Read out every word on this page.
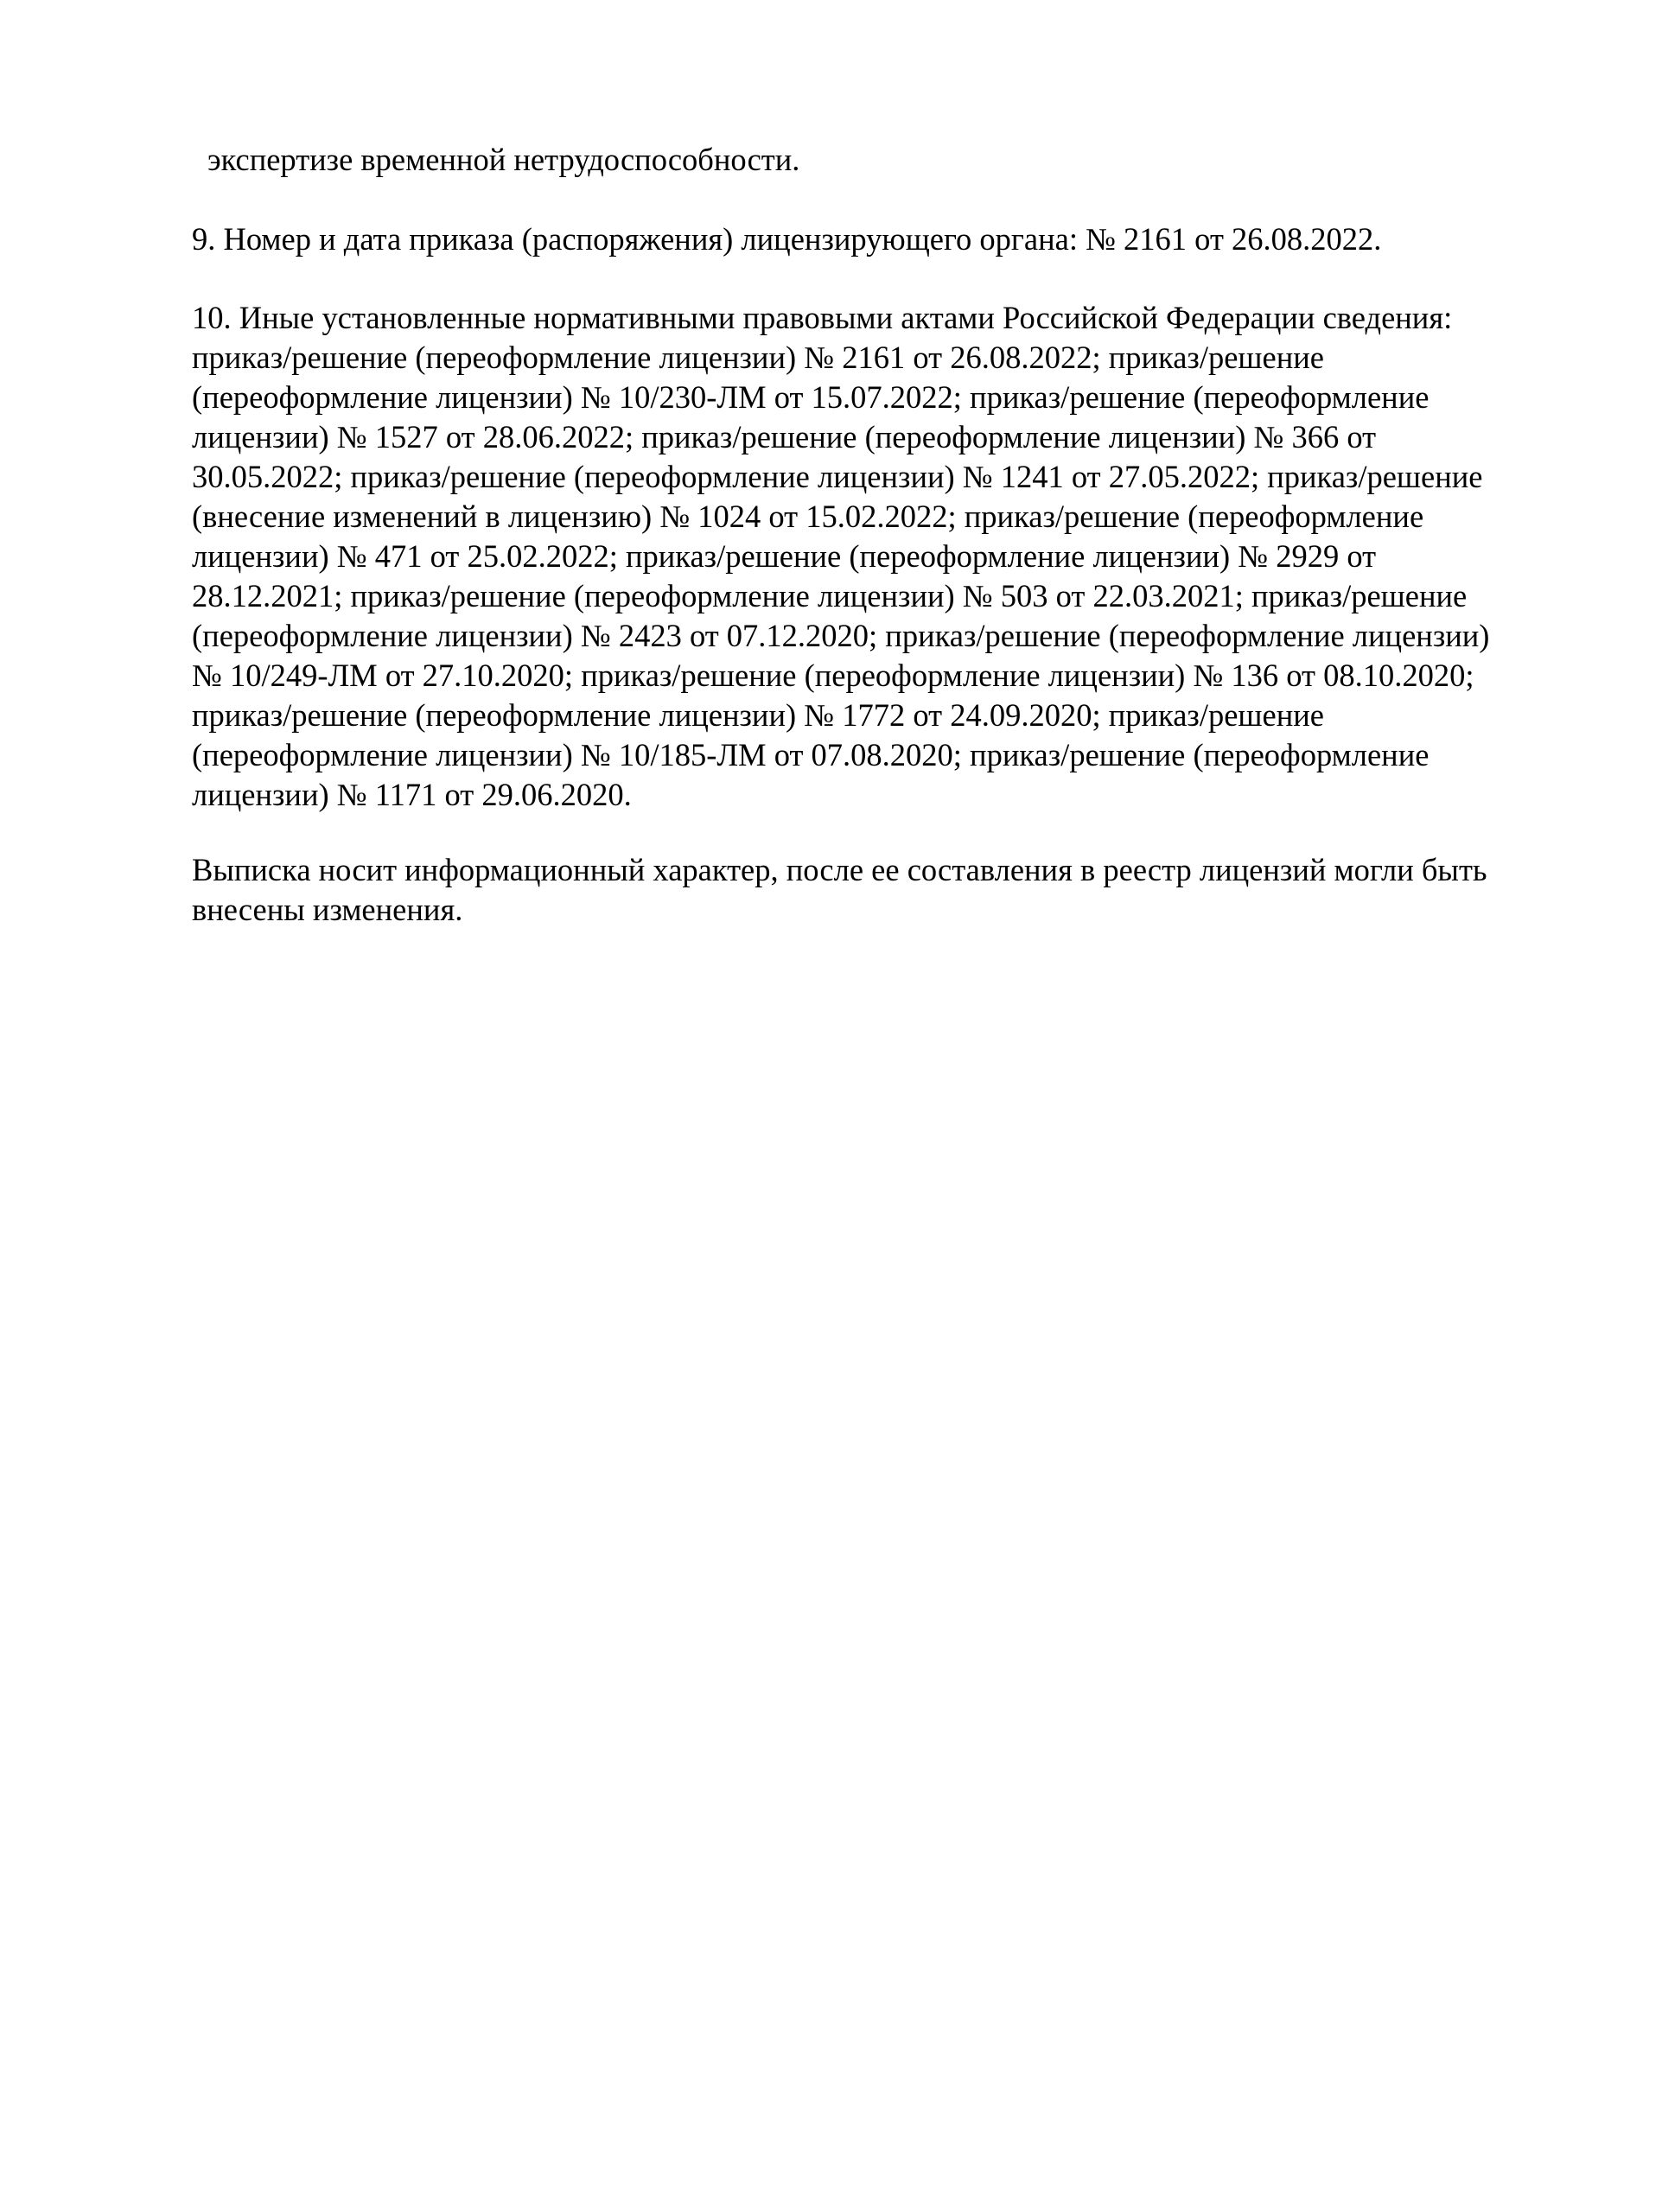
экспертизе временной нетрудоспособности.
9. Номер и дата приказа (распоряжения) лицензирующего органа: № 2161 от 26.08.2022.
10. Иные установленные нормативными правовыми актами Российской Федерации сведения:
приказ/решение (переоформление лицензии) № 2161 от 26.08.2022; приказ/решение
(переоформление лицензии) № 10/230-ЛМ от 15.07.2022; приказ/решение (переоформление
лицензии) № 1527 от 28.06.2022; приказ/решение (переоформление лицензии) № 366 от
30.05.2022; приказ/решение (переоформление лицензии) № 1241 от 27.05.2022; приказ/решение
(внесение изменений в лицензию) № 1024 от 15.02.2022; приказ/решение (переоформление
лицензии) № 471 от 25.02.2022; приказ/решение (переоформление лицензии) № 2929 от
28.12.2021; приказ/решение (переоформление лицензии) № 503 от 22.03.2021; приказ/решение
(переоформление лицензии) № 2423 от 07.12.2020; приказ/решение (переоформление лицензии)
№ 10/249-ЛМ от 27.10.2020; приказ/решение (переоформление лицензии) № 136 от 08.10.2020;
приказ/решение (переоформление лицензии) № 1772 от 24.09.2020; приказ/решение
(переоформление лицензии) № 10/185-ЛМ от 07.08.2020; приказ/решение (переоформление
лицензии) № 1171 от 29.06.2020.
Выписка носит информационный характер, после ее составления в реестр лицензий могли быть
внесены изменения.
